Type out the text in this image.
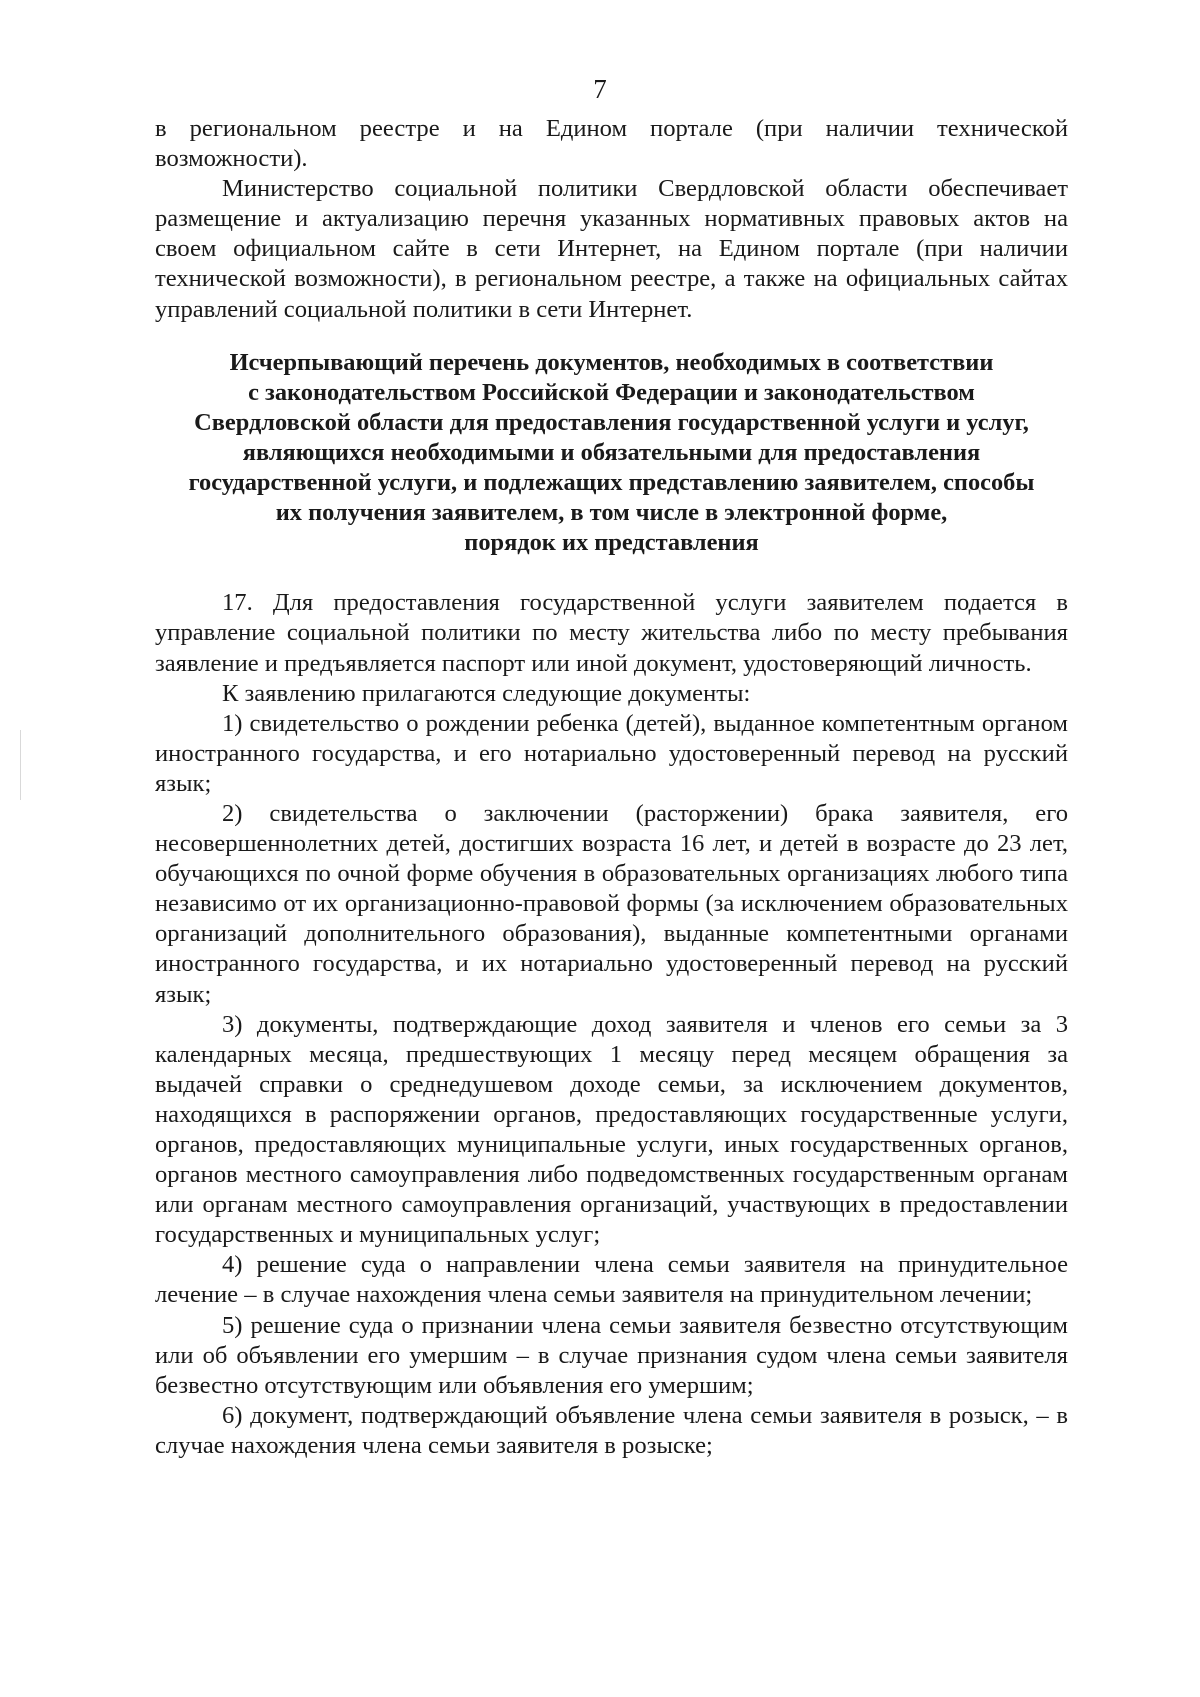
7

в региональном реестре и на Едином портале (при наличии технической возможности).

Министерство социальной политики Свердловской области обеспечивает размещение и актуализацию перечня указанных нормативных правовых актов на своем официальном сайте в сети Интернет, на Едином портале (при наличии технической возможности), в региональном реестре, а также на официальных сайтах управлений социальной политики в сети Интернет.

Исчерпывающий перечень документов, необходимых в соответствии
с законодательством Российской Федерации и законодательством
Свердловской области для предоставления государственной услуги и услуг,
являющихся необходимыми и обязательными для предоставления
государственной услуги, и подлежащих представлению заявителем, способы
их получения заявителем, в том числе в электронной форме,
порядок их представления

17. Для предоставления государственной услуги заявителем подается в управление социальной политики по месту жительства либо по месту пребывания заявление и предъявляется паспорт или иной документ, удостоверяющий личность.

К заявлению прилагаются следующие документы:

1) свидетельство о рождении ребенка (детей), выданное компетентным органом иностранного государства, и его нотариально удостоверенный перевод на русский язык;

2) свидетельства о заключении (расторжении) брака заявителя, его несовершеннолетних детей, достигших возраста 16 лет, и детей в возрасте до 23 лет, обучающихся по очной форме обучения в образовательных организациях любого типа независимо от их организационно-правовой формы (за исключением образовательных организаций дополнительного образования), выданные компетентными органами иностранного государства, и их нотариально удостоверенный перевод на русский язык;

3) документы, подтверждающие доход заявителя и членов его семьи за 3 календарных месяца, предшествующих 1 месяцу перед месяцем обращения за выдачей справки о среднедушевом доходе семьи, за исключением документов, находящихся в распоряжении органов, предоставляющих государственные услуги, органов, предоставляющих муниципальные услуги, иных государственных органов, органов местного самоуправления либо подведомственных государственным органам или органам местного самоуправления организаций, участвующих в предоставлении государственных и муниципальных услуг;

4) решение суда о направлении члена семьи заявителя на принудительное лечение – в случае нахождения члена семьи заявителя на принудительном лечении;

5) решение суда о признании члена семьи заявителя безвестно отсутствующим или об объявлении его умершим – в случае признания судом члена семьи заявителя безвестно отсутствующим или объявления его умершим;

6) документ, подтверждающий объявление члена семьи заявителя в розыск, – в случае нахождения члена семьи заявителя в розыске;
